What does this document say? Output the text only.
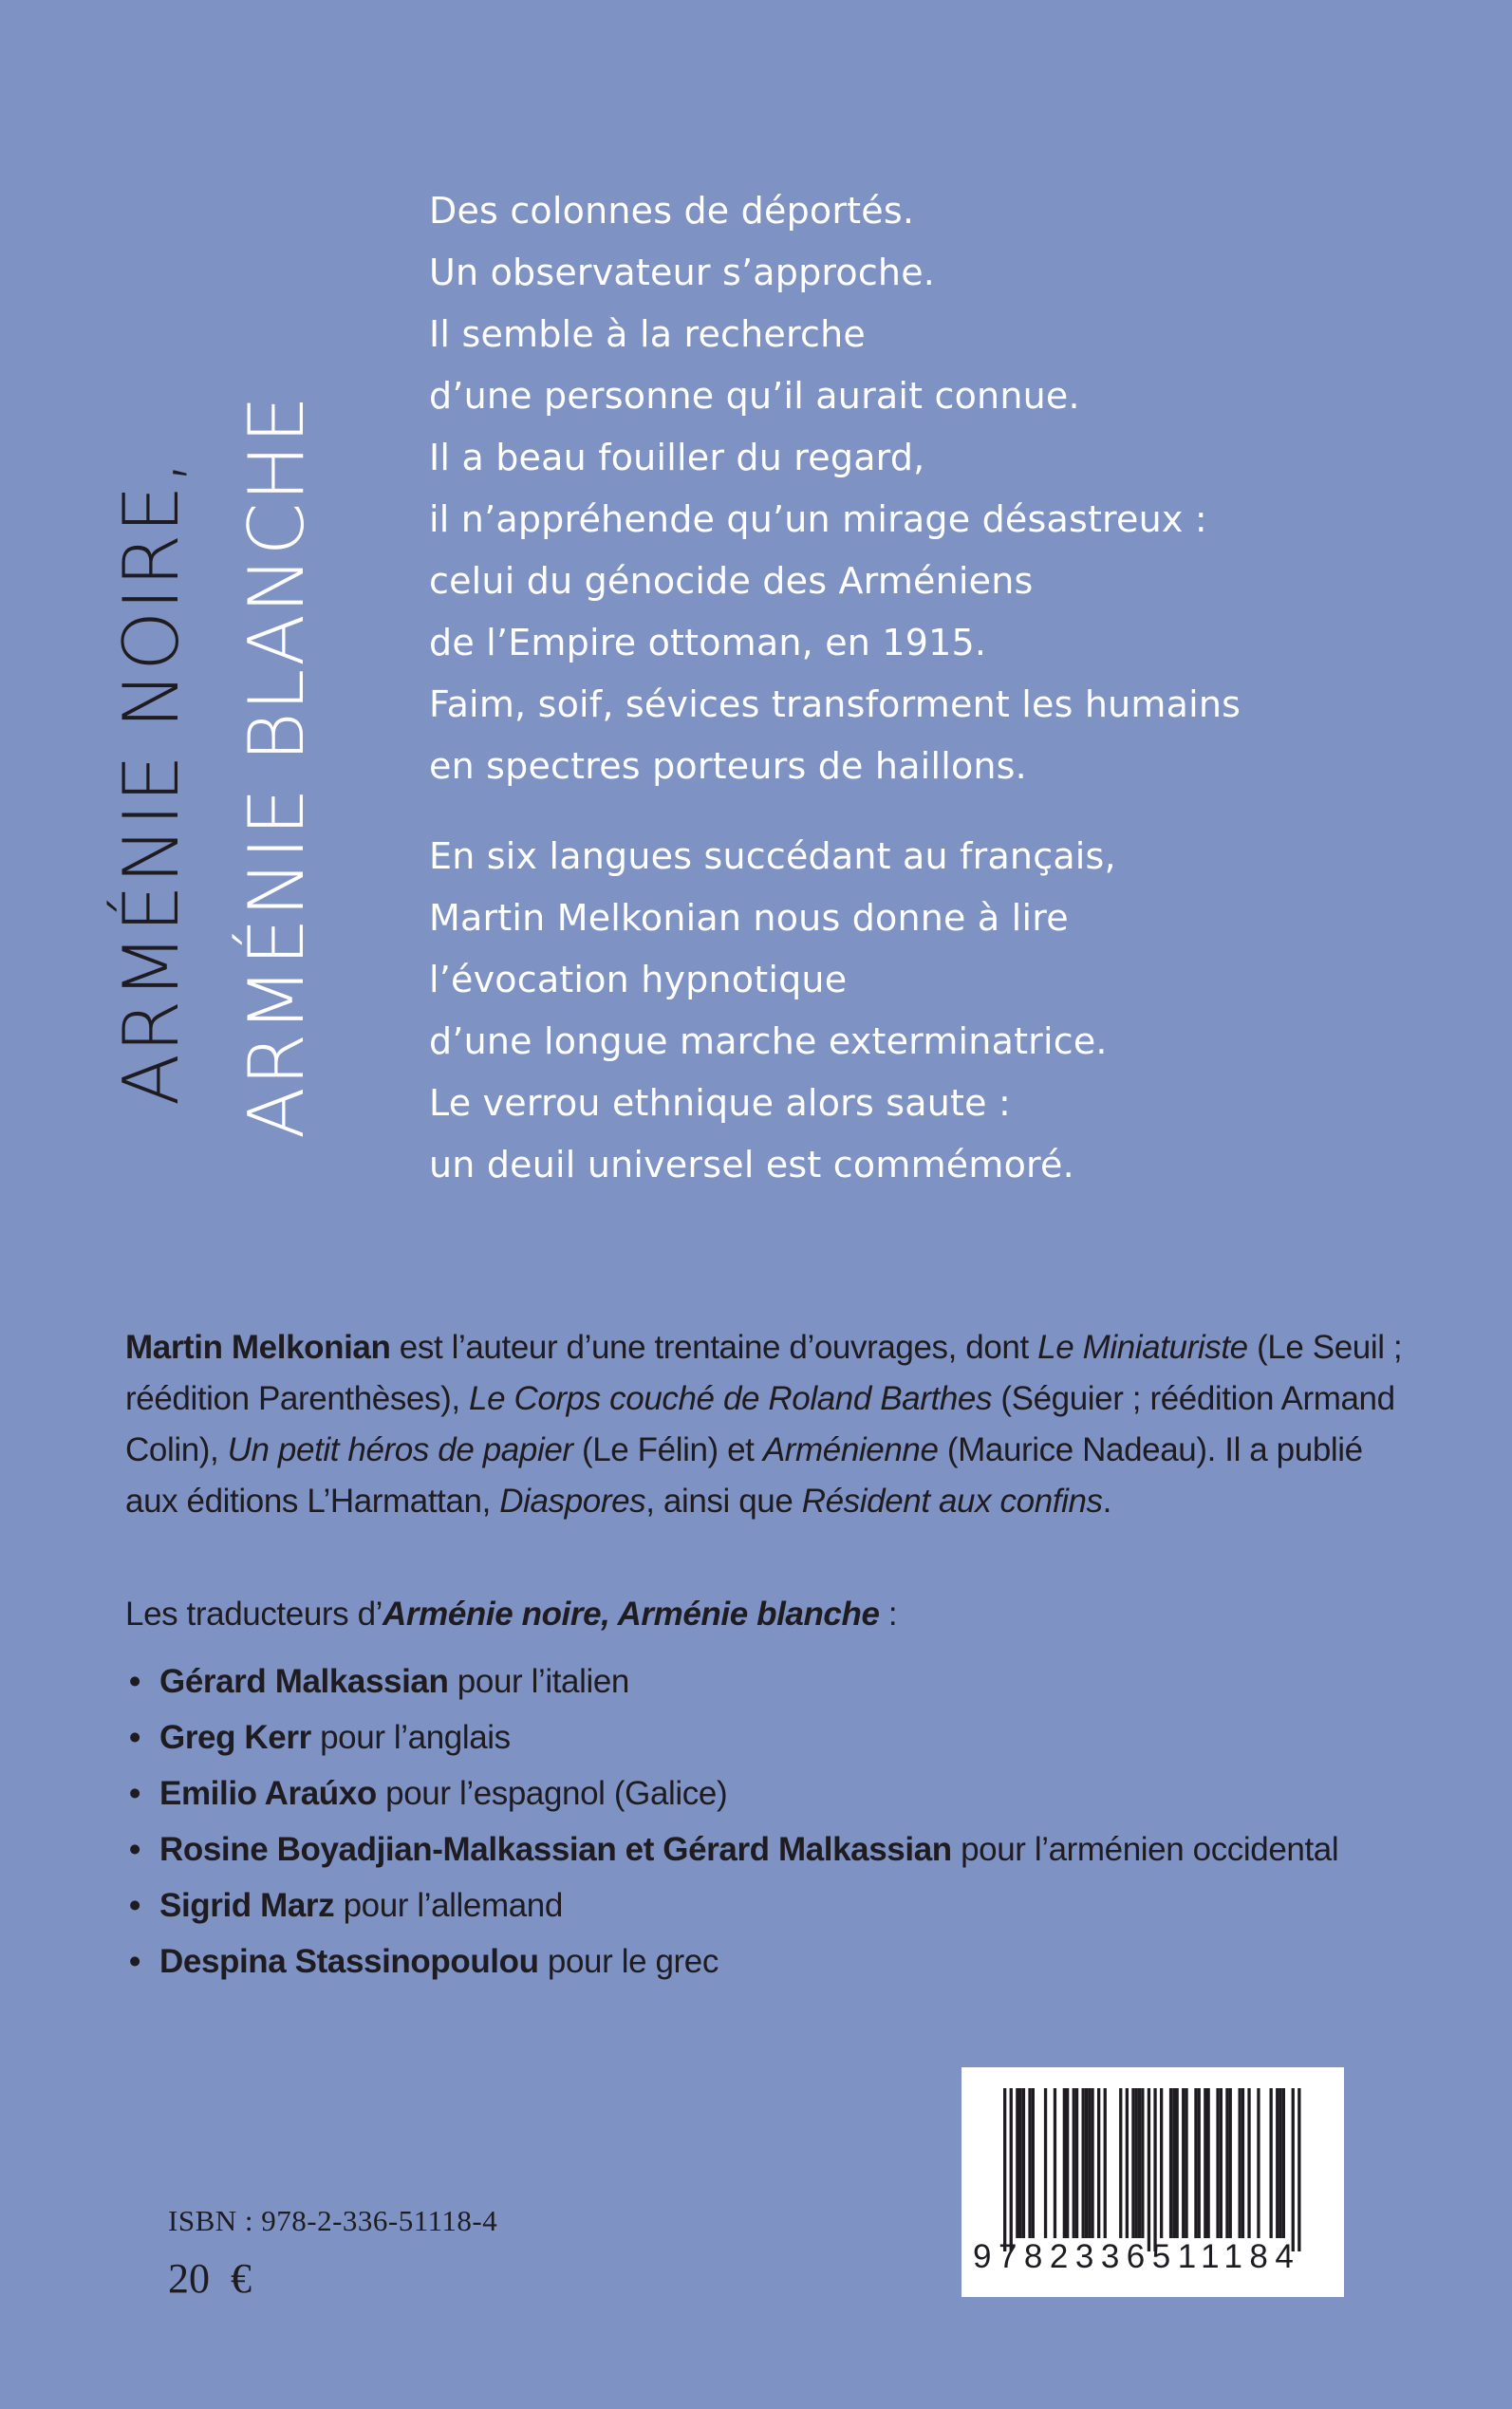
ARMÉNIE NOIRE, ARMÉNIE BLANCHE

Des colonnes de déportés.
Un observateur s’approche.
Il semble à la recherche
d’une personne qu’il aurait connue.
Il a beau fouiller du regard,
il n’appréhende qu’un mirage désastreux :
celui du génocide des Arméniens
de l’Empire ottoman, en 1915.
Faim, soif, sévices transforment les humains
en spectres porteurs de haillons.

En six langues succédant au français,
Martin Melkonian nous donne à lire
l’évocation hypnotique
d’une longue marche exterminatrice.
Le verrou ethnique alors saute :
un deuil universel est commémoré.

Martin Melkonian est l’auteur d’une trentaine d’ouvrages, dont Le Miniaturiste (Le Seuil ;
réédition Parenthèses), Le Corps couché de Roland Barthes (Séguier ; réédition Armand
Colin), Un petit héros de papier (Le Félin) et Arménienne (Maurice Nadeau). Il a publié
aux éditions L’Harmattan, Diaspores, ainsi que Résident aux confins.
Les traducteurs d’Arménie noire, Arménie blanche :
• Gérard Malkassian pour l’italien
• Greg Kerr pour l’anglais
• Emilio Araúxo pour l’espagnol (Galice)
• Rosine Boyadjian-Malkassian et Gérard Malkassian pour l’arménien occidental
• Sigrid Marz pour l’allemand
• Despina Stassinopoulou pour le grec
ISBN : 978-2-336-51118-4
20 €	9782336511184
